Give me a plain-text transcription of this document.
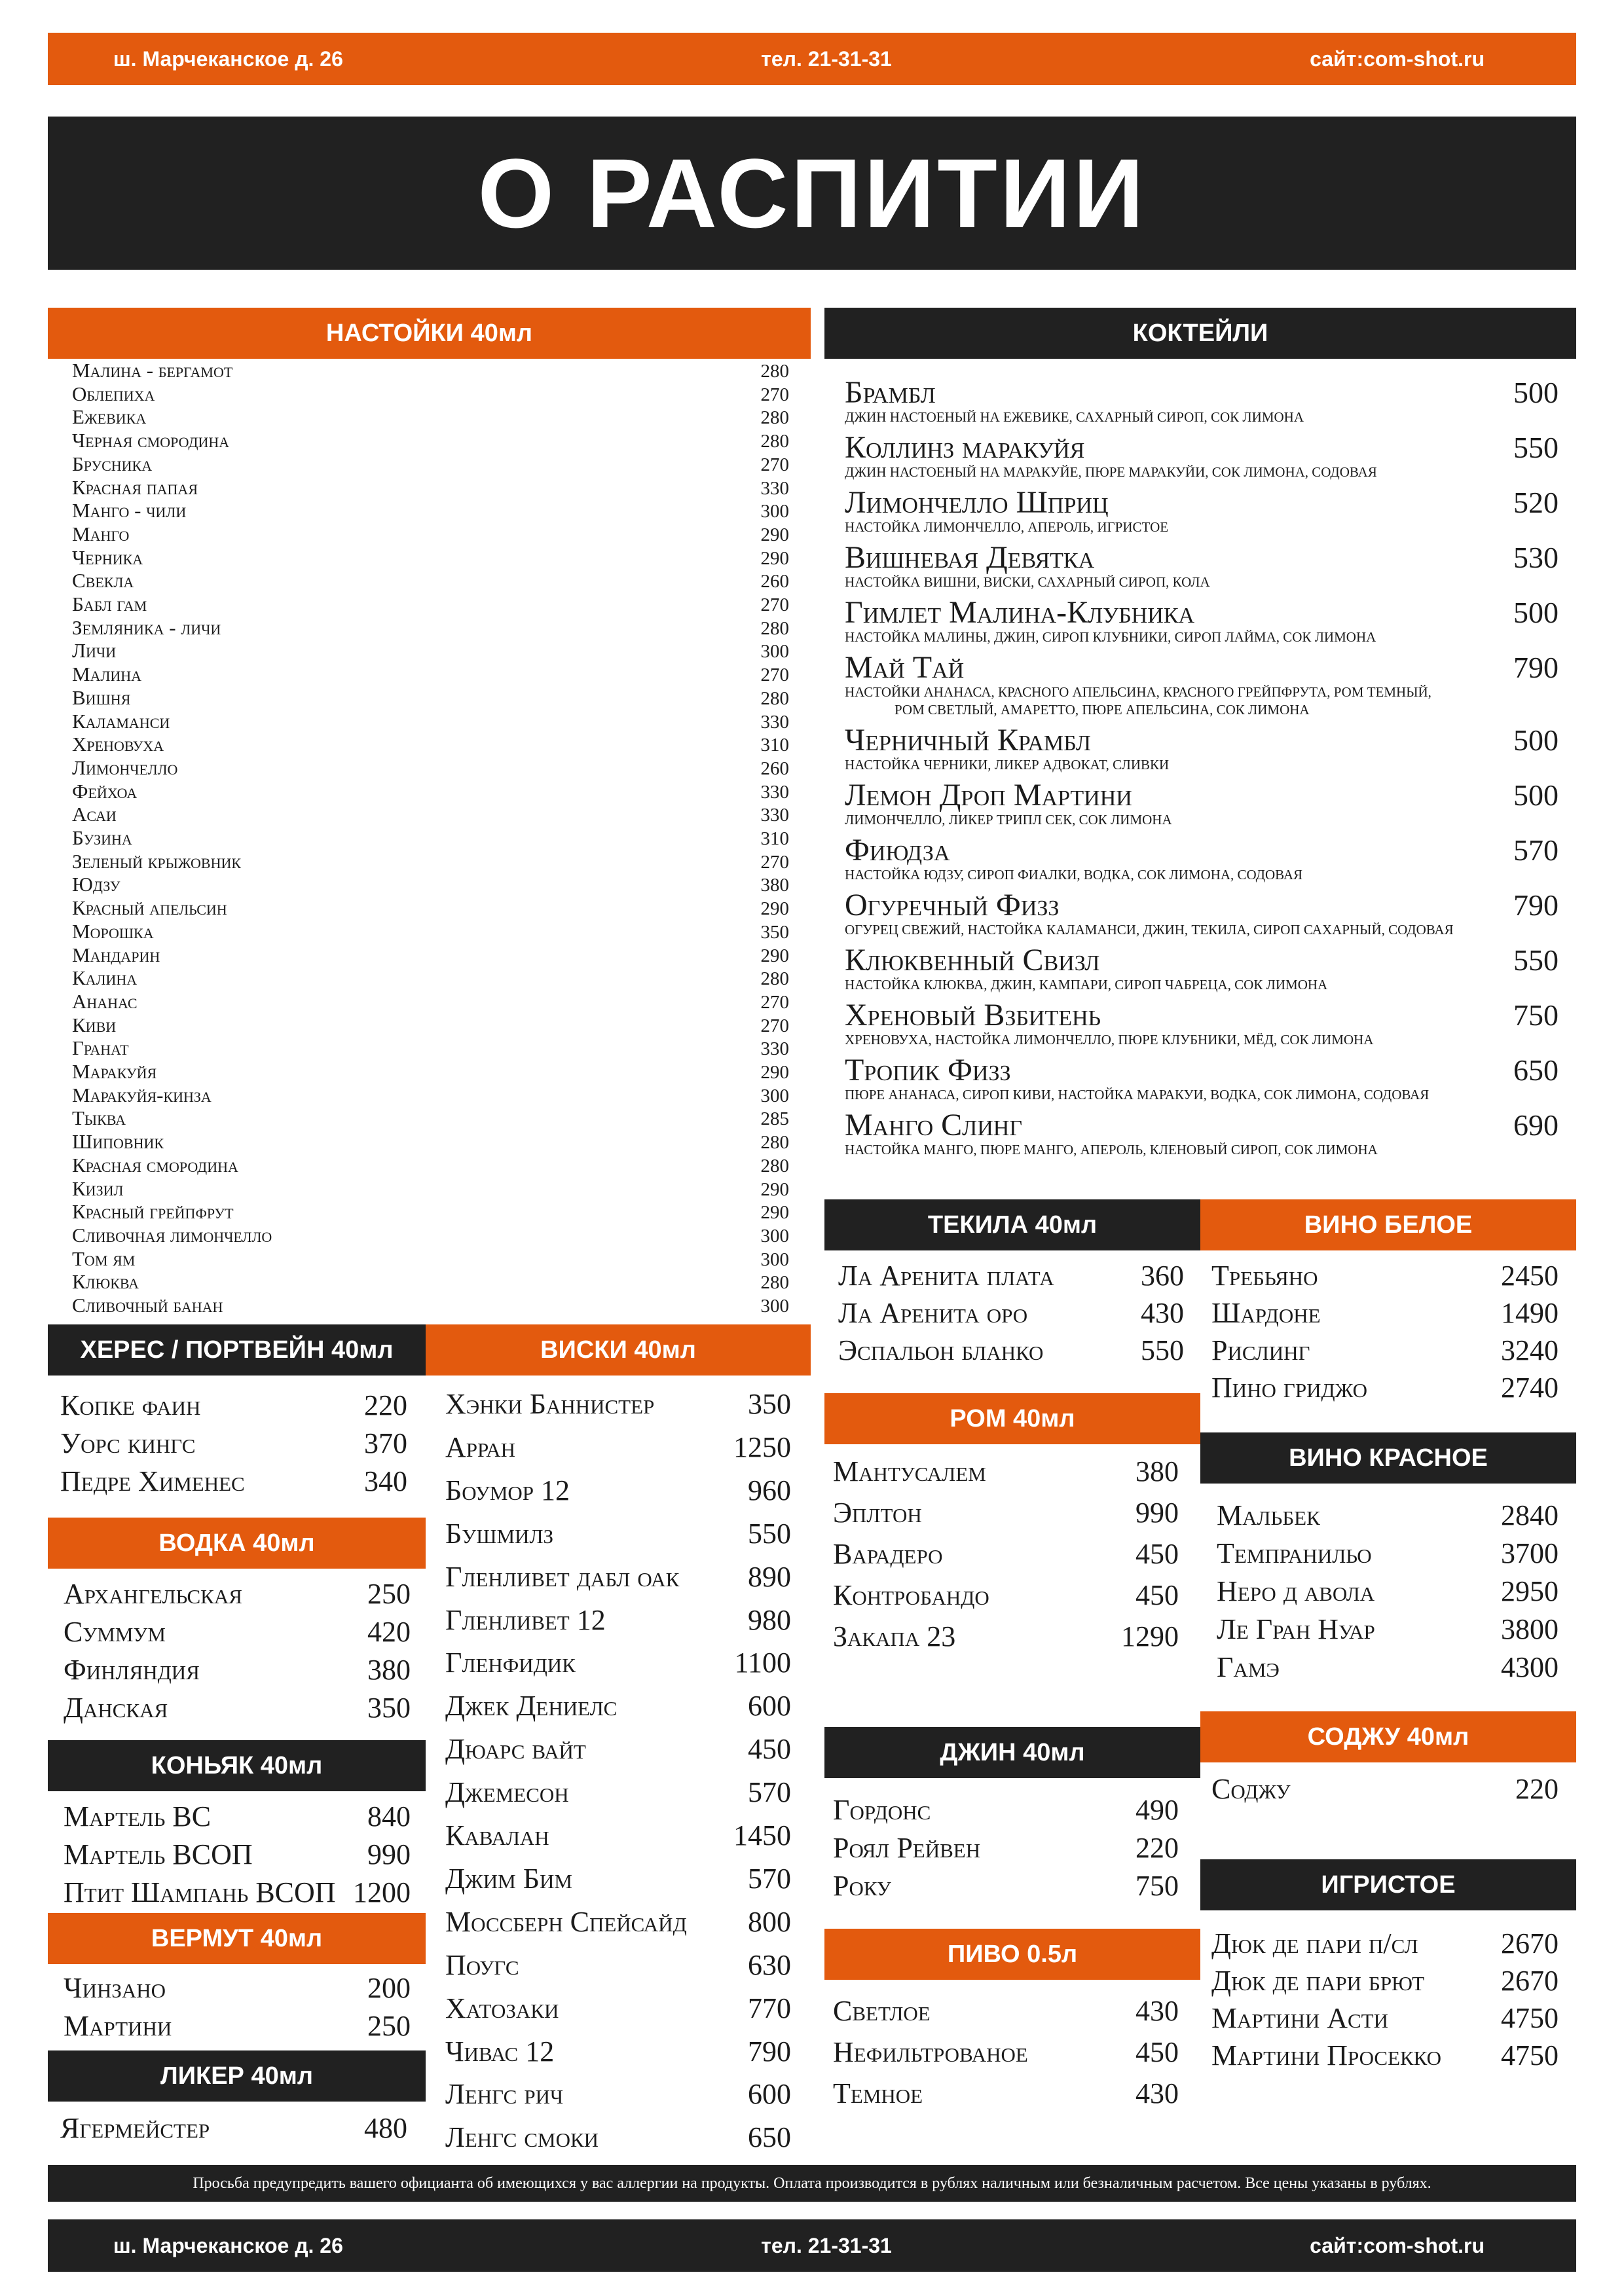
ш. Марчеканское д. 26	тел. 21-31-31	сайт:com-shot.ru
О РАСПИТИИ
НАСТОЙКИ 40мл
Малина - бергамот	280
Облепиха	270
Ежевика	280
Черная смородина	280
Брусника	270
Красная папая	330
Манго - чили	300
Манго	290
Черника	290
Свекла	260
Бабл гам	270
Земляника - личи	280
Личи	300
Малина	270
Вишня	280
Каламанси	330
Хреновуха	310
Лимончелло	260
Фейхоа	330
Асаи	330
Бузина	310
Зеленый крыжовник	270
Юдзу	380
Красный апельсин	290
Морошка	350
Мандарин	290
Калина	280
Ананас	270
Киви	270
Гранат	330
Маракуйя	290
Маракуйя-кинза	300
Тыква	285
Шиповник	280
Красная смородина	280
Кизил	290
Красный грейпфрут	290
Сливочная лимончелло	300
Том ям	300
Клюква	280
Сливочный банан	300
КОКТЕЙЛИ
Брамбл	500
ДЖИН НАСТОЕНЫЙ НА ЕЖЕВИКЕ, САХАРНЫЙ СИРОП, СОК ЛИМОНА
Коллинз маракуйя	550
ДЖИН НАСТОЕНЫЙ НА МАРАКУЙЕ, ПЮРЕ МАРАКУЙИ, СОК ЛИМОНА, СОДОВАЯ
Лимончелло Шприц	520
НАСТОЙКА ЛИМОНЧЕЛЛО, АПЕРОЛЬ, ИГРИСТОЕ
Вишневая Девятка	530
НАСТОЙКА ВИШНИ, ВИСКИ, САХАРНЫЙ СИРОП, КОЛА
Гимлет Малина-Клубника	500
НАСТОЙКА МАЛИНЫ, ДЖИН, СИРОП КЛУБНИКИ, СИРОП ЛАЙМА, СОК ЛИМОНА
Май Тай	790
НАСТОЙКИ АНАНАСА, КРАСНОГО АПЕЛЬСИНА, КРАСНОГО ГРЕЙПФРУТА, РОМ ТЕМНЫЙ,
РОМ СВЕТЛЫЙ, АМАРЕТТО, ПЮРЕ АПЕЛЬСИНА, СОК ЛИМОНА
Черничный Крамбл	500
НАСТОЙКА ЧЕРНИКИ, ЛИКЕР АДВОКАТ, СЛИВКИ
Лемон Дроп Мартини	500
ЛИМОНЧЕЛЛО, ЛИКЕР ТРИПЛ СЕК, СОК ЛИМОНА
Фиюдза	570
НАСТОЙКА ЮДЗУ, СИРОП ФИАЛКИ, ВОДКА, СОК ЛИМОНА, СОДОВАЯ
Огуречный Физз	790
ОГУРЕЦ СВЕЖИЙ, НАСТОЙКА КАЛАМАНСИ, ДЖИН, ТЕКИЛА, СИРОП САХАРНЫЙ, СОДОВАЯ
Клюквенный Свизл	550
НАСТОЙКА КЛЮКВА, ДЖИН, КАМПАРИ, СИРОП ЧАБРЕЦА, СОК ЛИМОНА
Хреновый Взбитень	750
ХРЕНОВУХА, НАСТОЙКА ЛИМОНЧЕЛЛО, ПЮРЕ КЛУБНИКИ, МЁД, СОК ЛИМОНА
Тропик Физз	650
ПЮРЕ АНАНАСА, СИРОП КИВИ, НАСТОЙКА МАРАКУИ, ВОДКА, СОК ЛИМОНА, СОДОВАЯ
Манго Слинг	690
НАСТОЙКА МАНГО, ПЮРЕ МАНГО, АПЕРОЛЬ, КЛЕНОВЫЙ СИРОП, СОК ЛИМОНА
ХЕРЕС / ПОРТВЕЙН 40мл
Копке фаин	220
Уорс кингс	370
Педре Хименес	340
ВОДКА 40мл
Архангельская	250
Суммум	420
Финляндия	380
Данская	350
КОНЬЯК 40мл
Мартель ВС	840
Мартель ВСОП	990
Птит Шампань ВСОП 1200
ВЕРМУТ 40мл
Чинзано	200
Мартини	250
ЛИКЕР 40мл
Ягермейстер	480
ВИСКИ 40мл
Хэнки Баннистер	350
Арран	1250
Боумор 12	960
Бушмилз	550
Гленливет дабл оак 890
Гленливет 12	980
Гленфидик	1100
Джек Дениелс	600
Дюарс вайт	450
Джемесон	570
Кавалан	1450
Джим Бим	570
Моссберн Спейсайд 800
Поугс	630
Хатозаки	770
Чивас 12	790
Ленгс рич	600
Ленгс смоки	650
ТЕКИЛА 40мл
Ла Аренита плата	360
Ла Аренита оро	430
Эспальон бланко	550
РОМ 40мл
Мантусалем	380
Эплтон	990
Варадеро	450
Контробандо	450
Закапа 23	1290
ДЖИН 40мл
Гордонс	490
Роял Рейвен	220
Року	750
ПИВО 0.5л
Светлое	430
Нефильтрованое	450
Темное	430
ВИНО БЕЛОЕ
Требьяно	2450
Шардоне	1490
Рислинг	3240
Пино гриджо	2740
ВИНО КРАСНОЕ
Мальбек	2840
Темпранильо	3700
Неро д авола	2950
Ле Гран Нуар	3800
Гамэ	4300
СОДЖУ 40мл
Соджу	220
ИГРИСТОЕ
Дюк де пари п/сл	2670
Дюк де пари брют	2670
Мартини Асти	4750
Мартини Просекко 4750
Просьба предупредить вашего официанта об имеющихся у вас аллергии на продукты. Оплата производится в рублях наличным или безналичным расчетом. Все цены указаны в рублях.
ш. Марчеканское д. 26	тел. 21-31-31	сайт:com-shot.ru
